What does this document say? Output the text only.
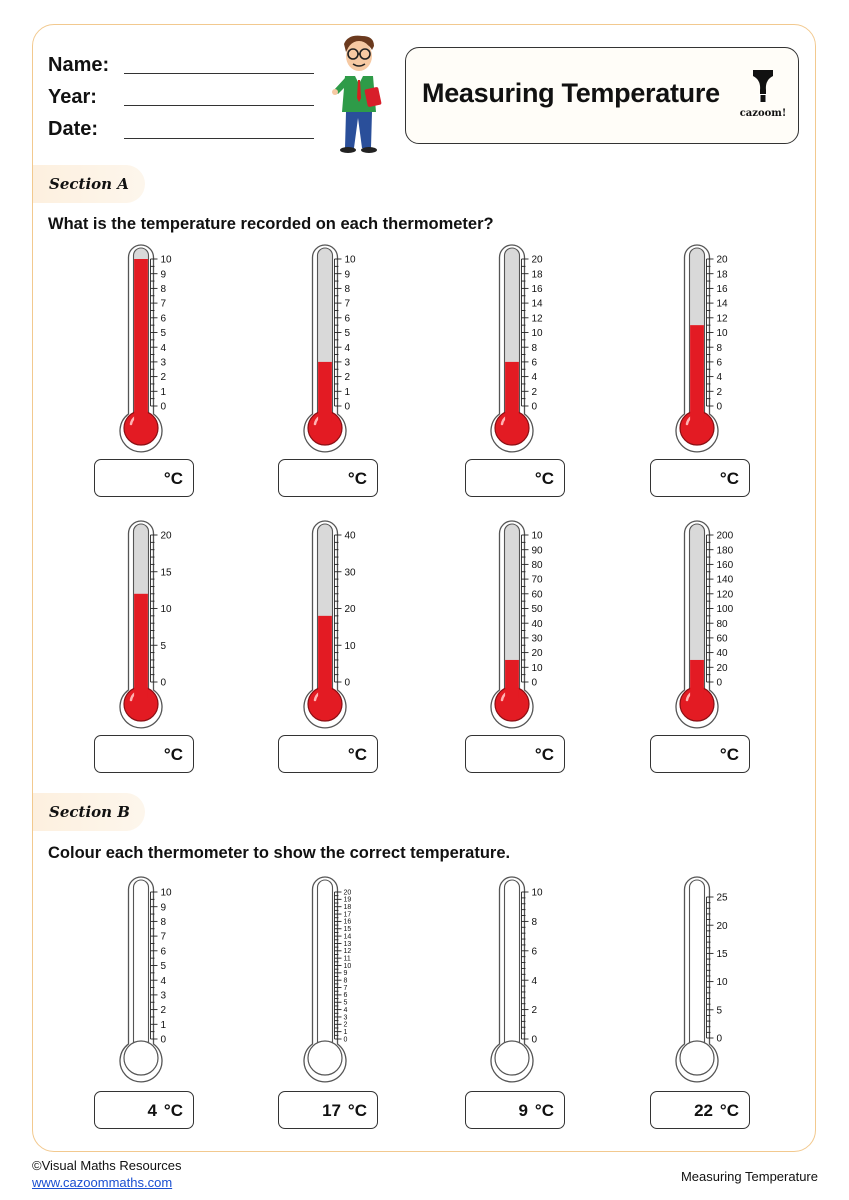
Name:
Year:
Date:
Measuring Temperature
cazoom!
Section A
What is the temperature recorded on each thermometer?
0
1
2
3
4
5
6
7
8
9
10
°C
0
1
2
3
4
5
6
7
8
9
10
°C
0
2
4
6
8
10
12
14
16
18
20
°C
0
2
4
6
8
10
12
14
16
18
20
°C
0
5
10
15
20
°C
0
10
20
30
40
°C
0
10
20
30
40
50
60
70
80
90
10
°C
0
20
40
60
80
100
120
140
160
180
200
°C
Section B
Colour each thermometer to show the correct temperature.
0
1
2
3
4
5
6
7
8
9
10
4 °C
0
1
2
3
4
5
6
7
8
9
10
11
12
13
14
15
16
17
18
19
20
17 °C
0
2
4
6
8
10
9 °C
0
5
10
15
20
25
22 °C
©Visual Maths Resources
www.cazoommaths.com	Measuring Temperature
